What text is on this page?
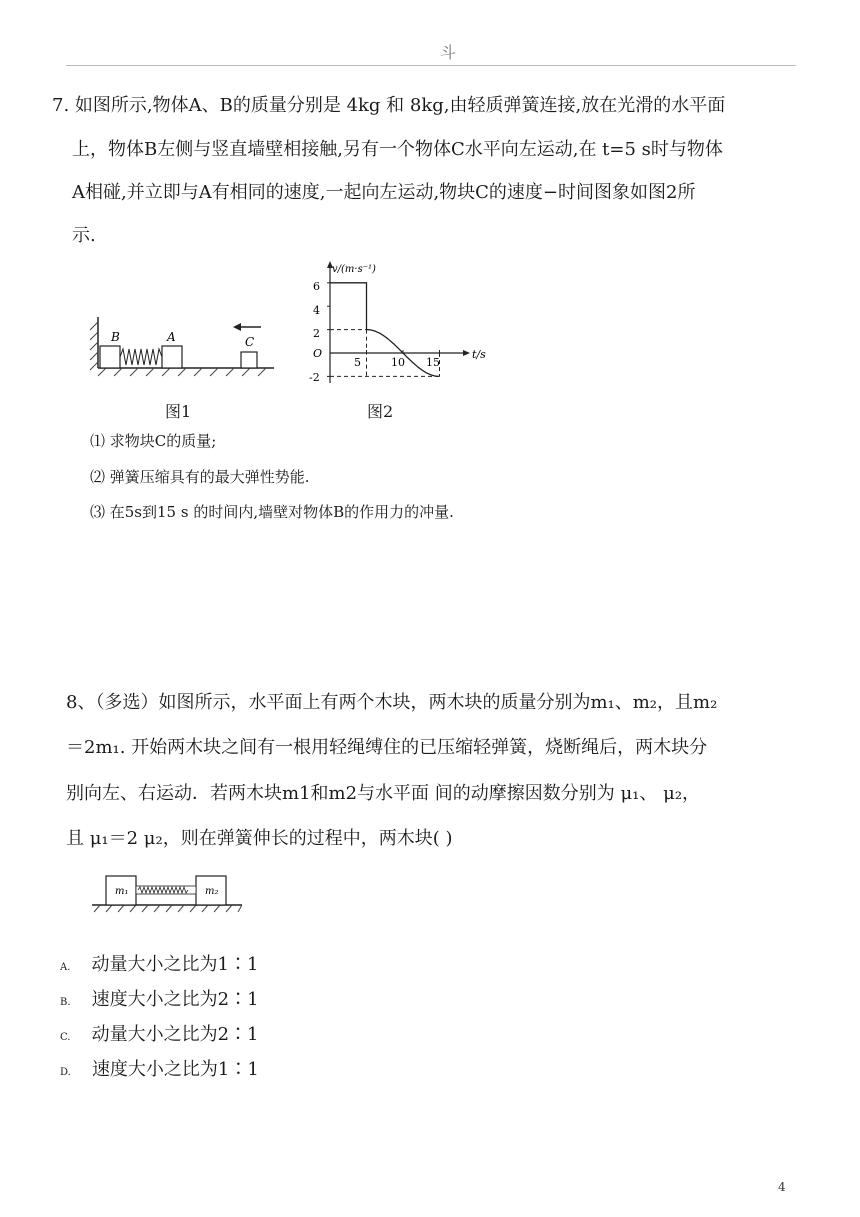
斗
7. 如图所示,物体A、B的质量分别是 4kg 和 8kg,由轻质弹簧连接,放在光滑的水平面
上，物体B左侧与竖直墙壁相接触,另有一个物体C水平向左运动,在 t=5 s时与物体
A相碰,并立即与A有相同的速度,一起向左运动,物块C的速度−时间图象如图2所
示.
B	A	C
图1
v/(m·s⁻¹)
t/s
6
4
2
O
-2
5	10 15
图2
⑴ 求物块C的质量;
⑵ 弹簧压缩具有的最大弹性势能.
⑶ 在5s到15 s 的时间内,墙壁对物体B的作用力的冲量.
8、（多选）如图所示，水平面上有两个木块，两木块的质量分别为m₁、m₂，且m₂
＝2m₁. 开始两木块之间有一根用轻绳缚住的已压缩轻弹簧，烧断绳后，两木块分
别向左、右运动．若两木块m1和m2与水平面 间的动摩擦因数分别为 μ₁、 μ₂，
且 μ₁＝2 μ₂，则在弹簧伸长的过程中，两木块( )
m₁	m₂
A. 动量大小之比为1∶1
B. 速度大小之比为2∶1
C. 动量大小之比为2∶1
D. 速度大小之比为1∶1
4
